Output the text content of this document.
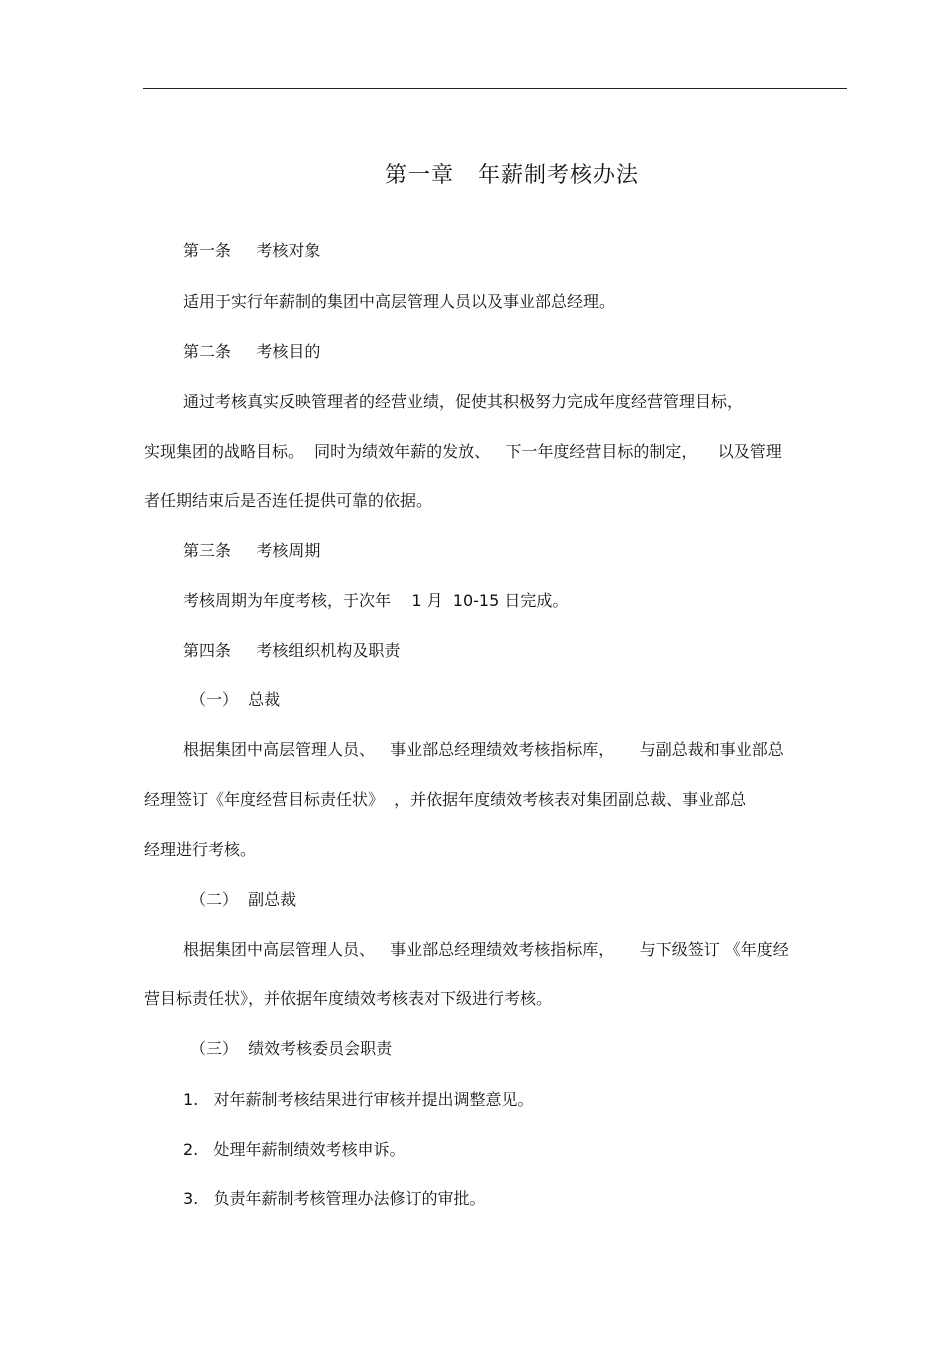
第一章   年薪制考核办法
第一条     考核对象
适用于实行年薪制的集团中高层管理人员以及事业部总经理。
第二条     考核目的
通过考核真实反映管理者的经营业绩，促使其积极努力完成年度经营管理目标，
实现集团的战略目标。  同时为绩效年薪的发放、   下一年度经营目标的制定，    以及管理
者任期结束后是否连任提供可靠的依据。
第三条     考核周期
考核周期为年度考核，于次年    1 月  10-15 日完成。
第四条     考核组织机构及职责
（一）  总裁
根据集团中高层管理人员、   事业部总经理绩效考核指标库，     与副总裁和事业部总
经理签订《年度经营目标责任状》  ，并依据年度绩效考核表对集团副总裁、事业部总
经理进行考核。
（二）  副总裁
根据集团中高层管理人员、   事业部总经理绩效考核指标库，     与下级签订 《年度经
营目标责任状》，并依据年度绩效考核表对下级进行考核。
（三）  绩效考核委员会职责
1.   对年薪制考核结果进行审核并提出调整意见。
2.   处理年薪制绩效考核申诉。
3.   负责年薪制考核管理办法修订的审批。
